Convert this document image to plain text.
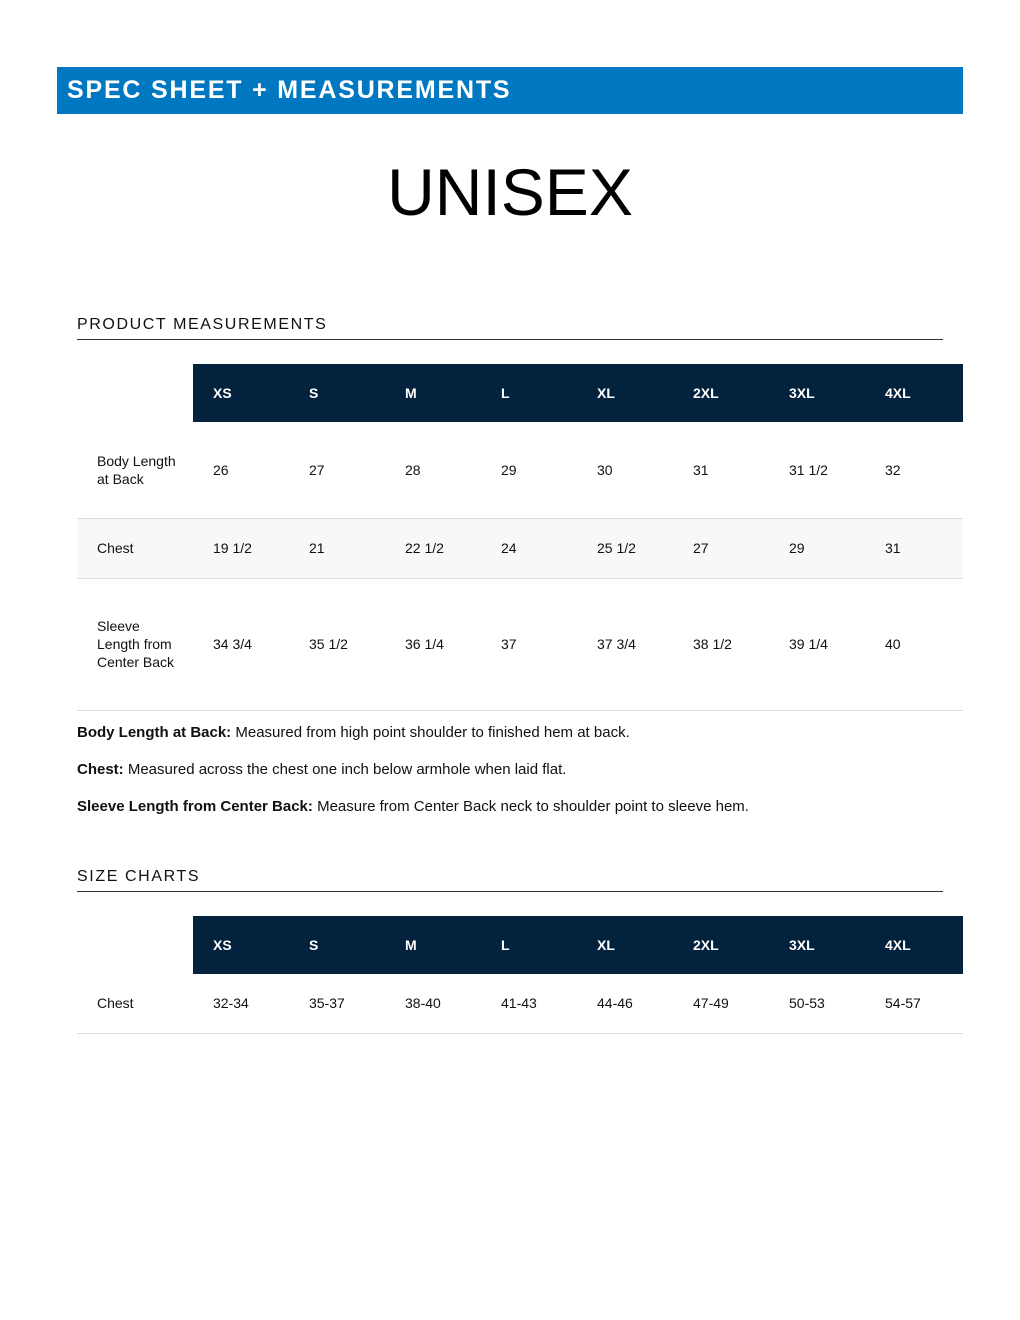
SPEC SHEET + MEASUREMENTS
UNISEX
PRODUCT MEASUREMENTS
	XS	S	M	L	XL	2XL	3XL	4XL
Body Length at Back	26	27	28	29	30	31	31 1/2	32
Chest	19 1/2	21	22 1/2	24	25 1/2	27	29	31
Sleeve Length from Center Back	34 3/4	35 1/2	36 1/4	37	37 3/4	38 1/2	39 1/4	40

Body Length at Back: Measured from high point shoulder to finished hem at back.

Chest: Measured across the chest one inch below armhole when laid flat.

Sleeve Length from Center Back: Measure from Center Back neck to shoulder point to sleeve hem.

SIZE CHARTS
	XS	S	M	L	XL	2XL	3XL	4XL
Chest	32-34	35-37	38-40	41-43	44-46	47-49	50-53	54-57
